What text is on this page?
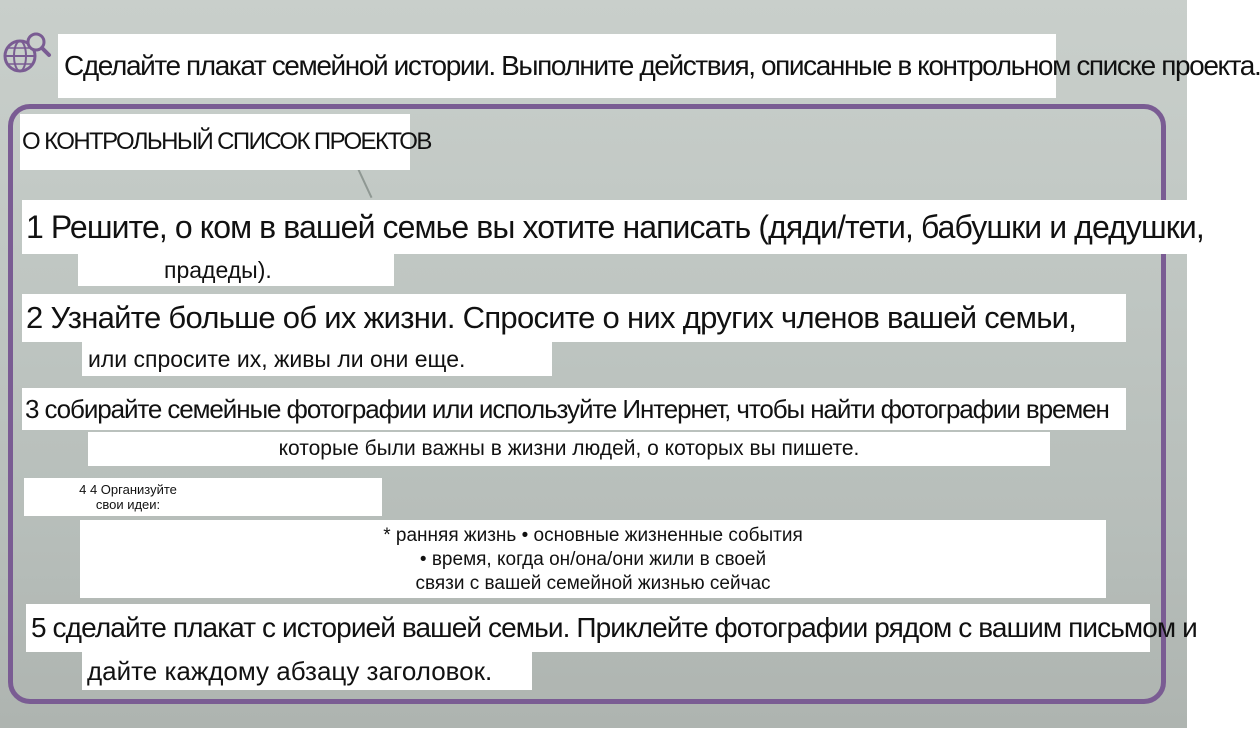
Сделайте плакат семейной истории. Выполните действия, описанные в контрольном списке проекта.
О КОНТРОЛЬНЫЙ СПИСОК ПРОЕКТОВ
1 Решите, о ком в вашей семье вы хотите написать (дяди/тети, бабушки и дедушки,
прадеды).
2 Узнайте больше об их жизни. Спросите о них других членов вашей семьи,
или спросите их, живы ли они еще.
3 собирайте семейные фотографии или используйте Интернет, чтобы найти фотографии времен
которые были важны в жизни людей, о которых вы пишете.
4 4 Организуйте
свои идеи:
* ранняя жизнь • основные жизненные события
• время, когда он/она/они жили в своей
связи с вашей семейной жизнью сейчас
5 сделайте плакат с историей вашей семьи. Приклейте фотографии рядом с вашим письмом и
дайте каждому абзацу заголовок.
